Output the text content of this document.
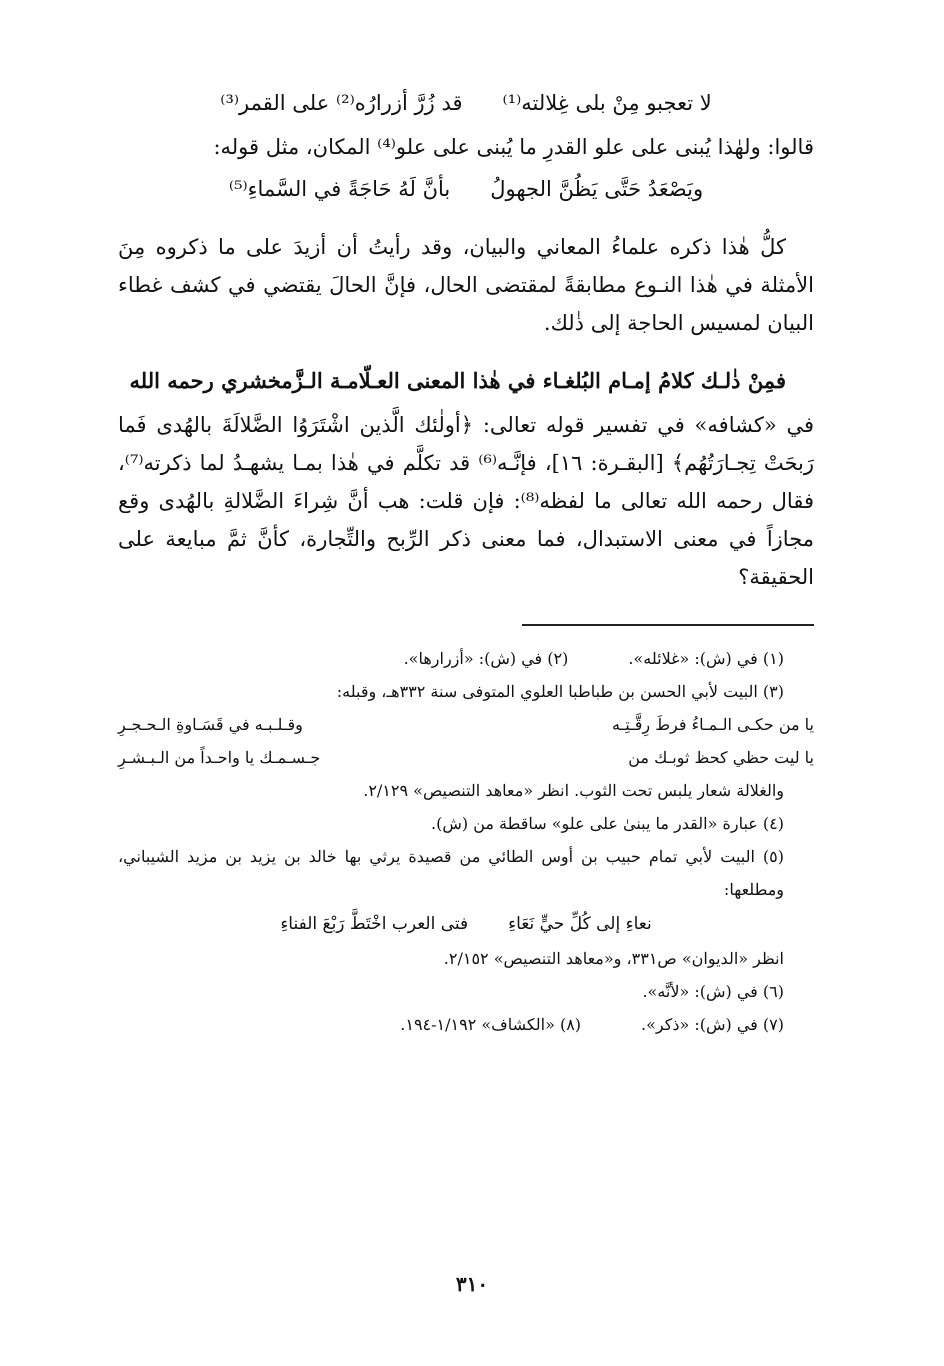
لا تعجبو مِنْ بلى غِلالته⁽¹⁾
قد زُرَّ أزرارُه⁽²⁾ على القمر⁽³⁾

قالوا: ولهٰذا يُبنى على علو القدرِ ما يُبنى على علو⁽⁴⁾ المكان، مثل قوله:

ويَصْعَدُ حَتَّى يَظُنَّ الجهولُ
بأنَّ لَهُ حَاجَةً في السَّماءِ⁽⁵⁾

كلُّ هٰذا ذكره علماءُ المعاني والبيان، وقد رأيتُ أن أزيدَ على ما ذكروه مِنَ الأمثلة في هٰذا النـوع مطابقةً لمقتضى الحال، فإنَّ الحالَ يقتضي في كشف غطاء البيان لمسيس الحاجة إلى ذٰلك.

فمِنْ ذٰلـك كلامُ إمـام البُلغـاء في هٰذا المعنى العـلّامـة الـزَّمخشري رحمه الله

في «كشافه» في تفسير قوله تعالى: ﴿أولٰئك الَّذين اشْتَرَوُا الضَّلالَةَ بالهُدى فَما رَبحَتْ تِجـارَتُهُم﴾ [البقـرة: ١٦]، فإنَّـه⁽⁶⁾ قد تكلَّم في هٰذا بمـا يشهـدُ لما ذكرته⁽⁷⁾، فقال رحمه الله تعالى ما لفظه⁽⁸⁾: فإن قلت: هب أنَّ شِراءَ الضَّلالةِ بالهُدى وقع مجازاً في معنى الاستبدال، فما معنى ذكر الرِّبح والتِّجارة، كأنَّ ثمَّ مبايعة على الحقيقة؟

(١) في (ش): «غلائله».
(٢) في (ش): «أزرارها».

(٣) البيت لأبي الحسن بن طباطبا العلوي المتوفى سنة ٣٣٢هـ، وقبله:

يا من حكـى الـمـاءُ فرطَ رِقَّـتِـه
وقـلـبـه في قَسَـاوةِ الـحـجـرِ
يا ليت حظي كحظ ثوبـك من
جـسـمـك يا واحـداً من الـبـشـرِ

والغلالة شعار يلبس تحت الثوب. انظر «معاهد التنصيص» ٢/١٢٩.

(٤) عبارة «القدر ما يبنىٰ على علو» ساقطة من (ش).

(٥) البيت لأبي تمام حبيب بن أوس الطائي من قصيدة يرثي بها خالد بن يزيد بن مزيد الشيباني، ومطلعها:

نعاءِ إلى كُلِّ حيٍّ نَعَاءِ
فتى العرب اخْتَطَّ رَبْعَ الفناءِ

انظر «الديوان» ص٣٣١، و«معاهد التنصيص» ٢/١٥٢.

(٦) في (ش): «لأنَّه».

(٧) في (ش): «ذكر».
(٨) «الكشاف» ١/١٩٢-١٩٤.
٣١٠
